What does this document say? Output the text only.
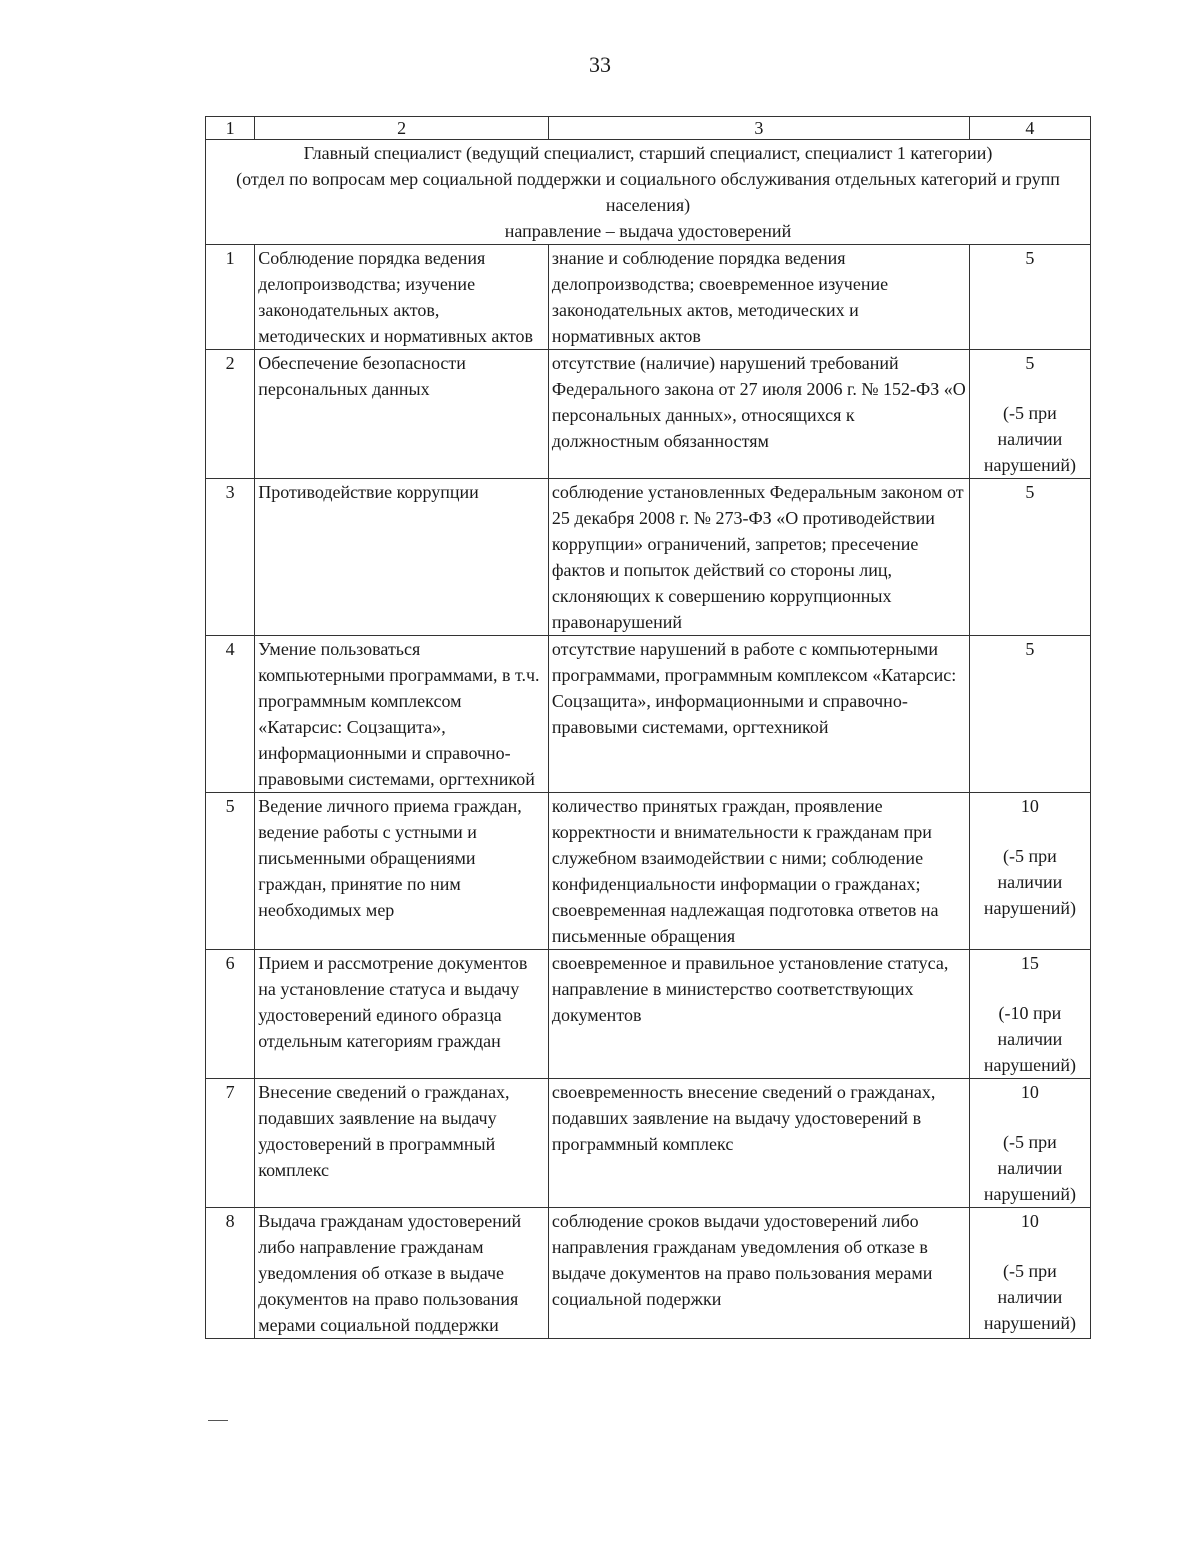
33
1	2	3	4

Главный специалист (ведущий специалист, старший специалист, специалист 1 категории)
(отдел по вопросам мер социальной поддержки и социального обслуживания отдельных категорий и групп населения)
направление – выдача удостоверений			

1	Соблюдение порядка ведения делопроизводства; изучение законодательных актов, методических и нормативных актов	знание и соблюдение порядка ведения делопроизводства; своевременное изучение законодательных актов, методических и нормативных актов	5

2	Обеспечение безопасности персональных данных	отсутствие (наличие) нарушений требований Федерального закона от 27 июля 2006 г. № 152-ФЗ «О персональных данных», относящихся к должностным обязанностям	5
(-5 при наличии нарушений)

3	Противодействие коррупции	соблюдение установленных Федеральным законом от 25 декабря 2008 г. № 273-ФЗ «О противодействии коррупции» ограничений, запретов; пресечение фактов и попыток действий со стороны лиц, склоняющих к совершению коррупционных правонарушений	5

4	Умение пользоваться компьютерными программами, в т.ч. программным комплексом «Катарсис: Соцзащита», информационными и справочно-правовыми системами, оргтехникой	отсутствие нарушений в работе с компьютерными программами, программным комплексом «Катарсис: Соцзащита», информационными и справочно-правовыми системами, оргтехникой	5

5	Ведение личного приема граждан, ведение работы с устными и письменными обращениями граждан, принятие по ним необходимых мер	количество принятых граждан, проявление корректности и внимательности к гражданам при служебном взаимодействии с ними; соблюдение конфиденциальности информации о гражданах; своевременная надлежащая подготовка ответов на письменные обращения	10
(-5 при наличии нарушений)

6	Прием и рассмотрение документов на установление статуса и выдачу удостоверений единого образца отдельным категориям граждан	своевременное и правильное установление статуса, направление в министерство соответствующих документов	15
(-10 при наличии нарушений)

7	Внесение сведений о гражданах, подавших заявление на выдачу удостоверений в программный комплекс	своевременность внесение сведений о гражданах, подавших заявление на выдачу удостоверений в программный комплекс	10
(-5 при наличии нарушений)

8	Выдача гражданам удостоверений либо направление гражданам уведомления об отказе в выдаче документов на право пользования мерами социальной поддержки	соблюдение сроков выдачи удостоверений либо направления гражданам уведомления об отказе в выдаче документов на право пользования мерами социальной подержки	10
(-5 при наличии нарушений)
